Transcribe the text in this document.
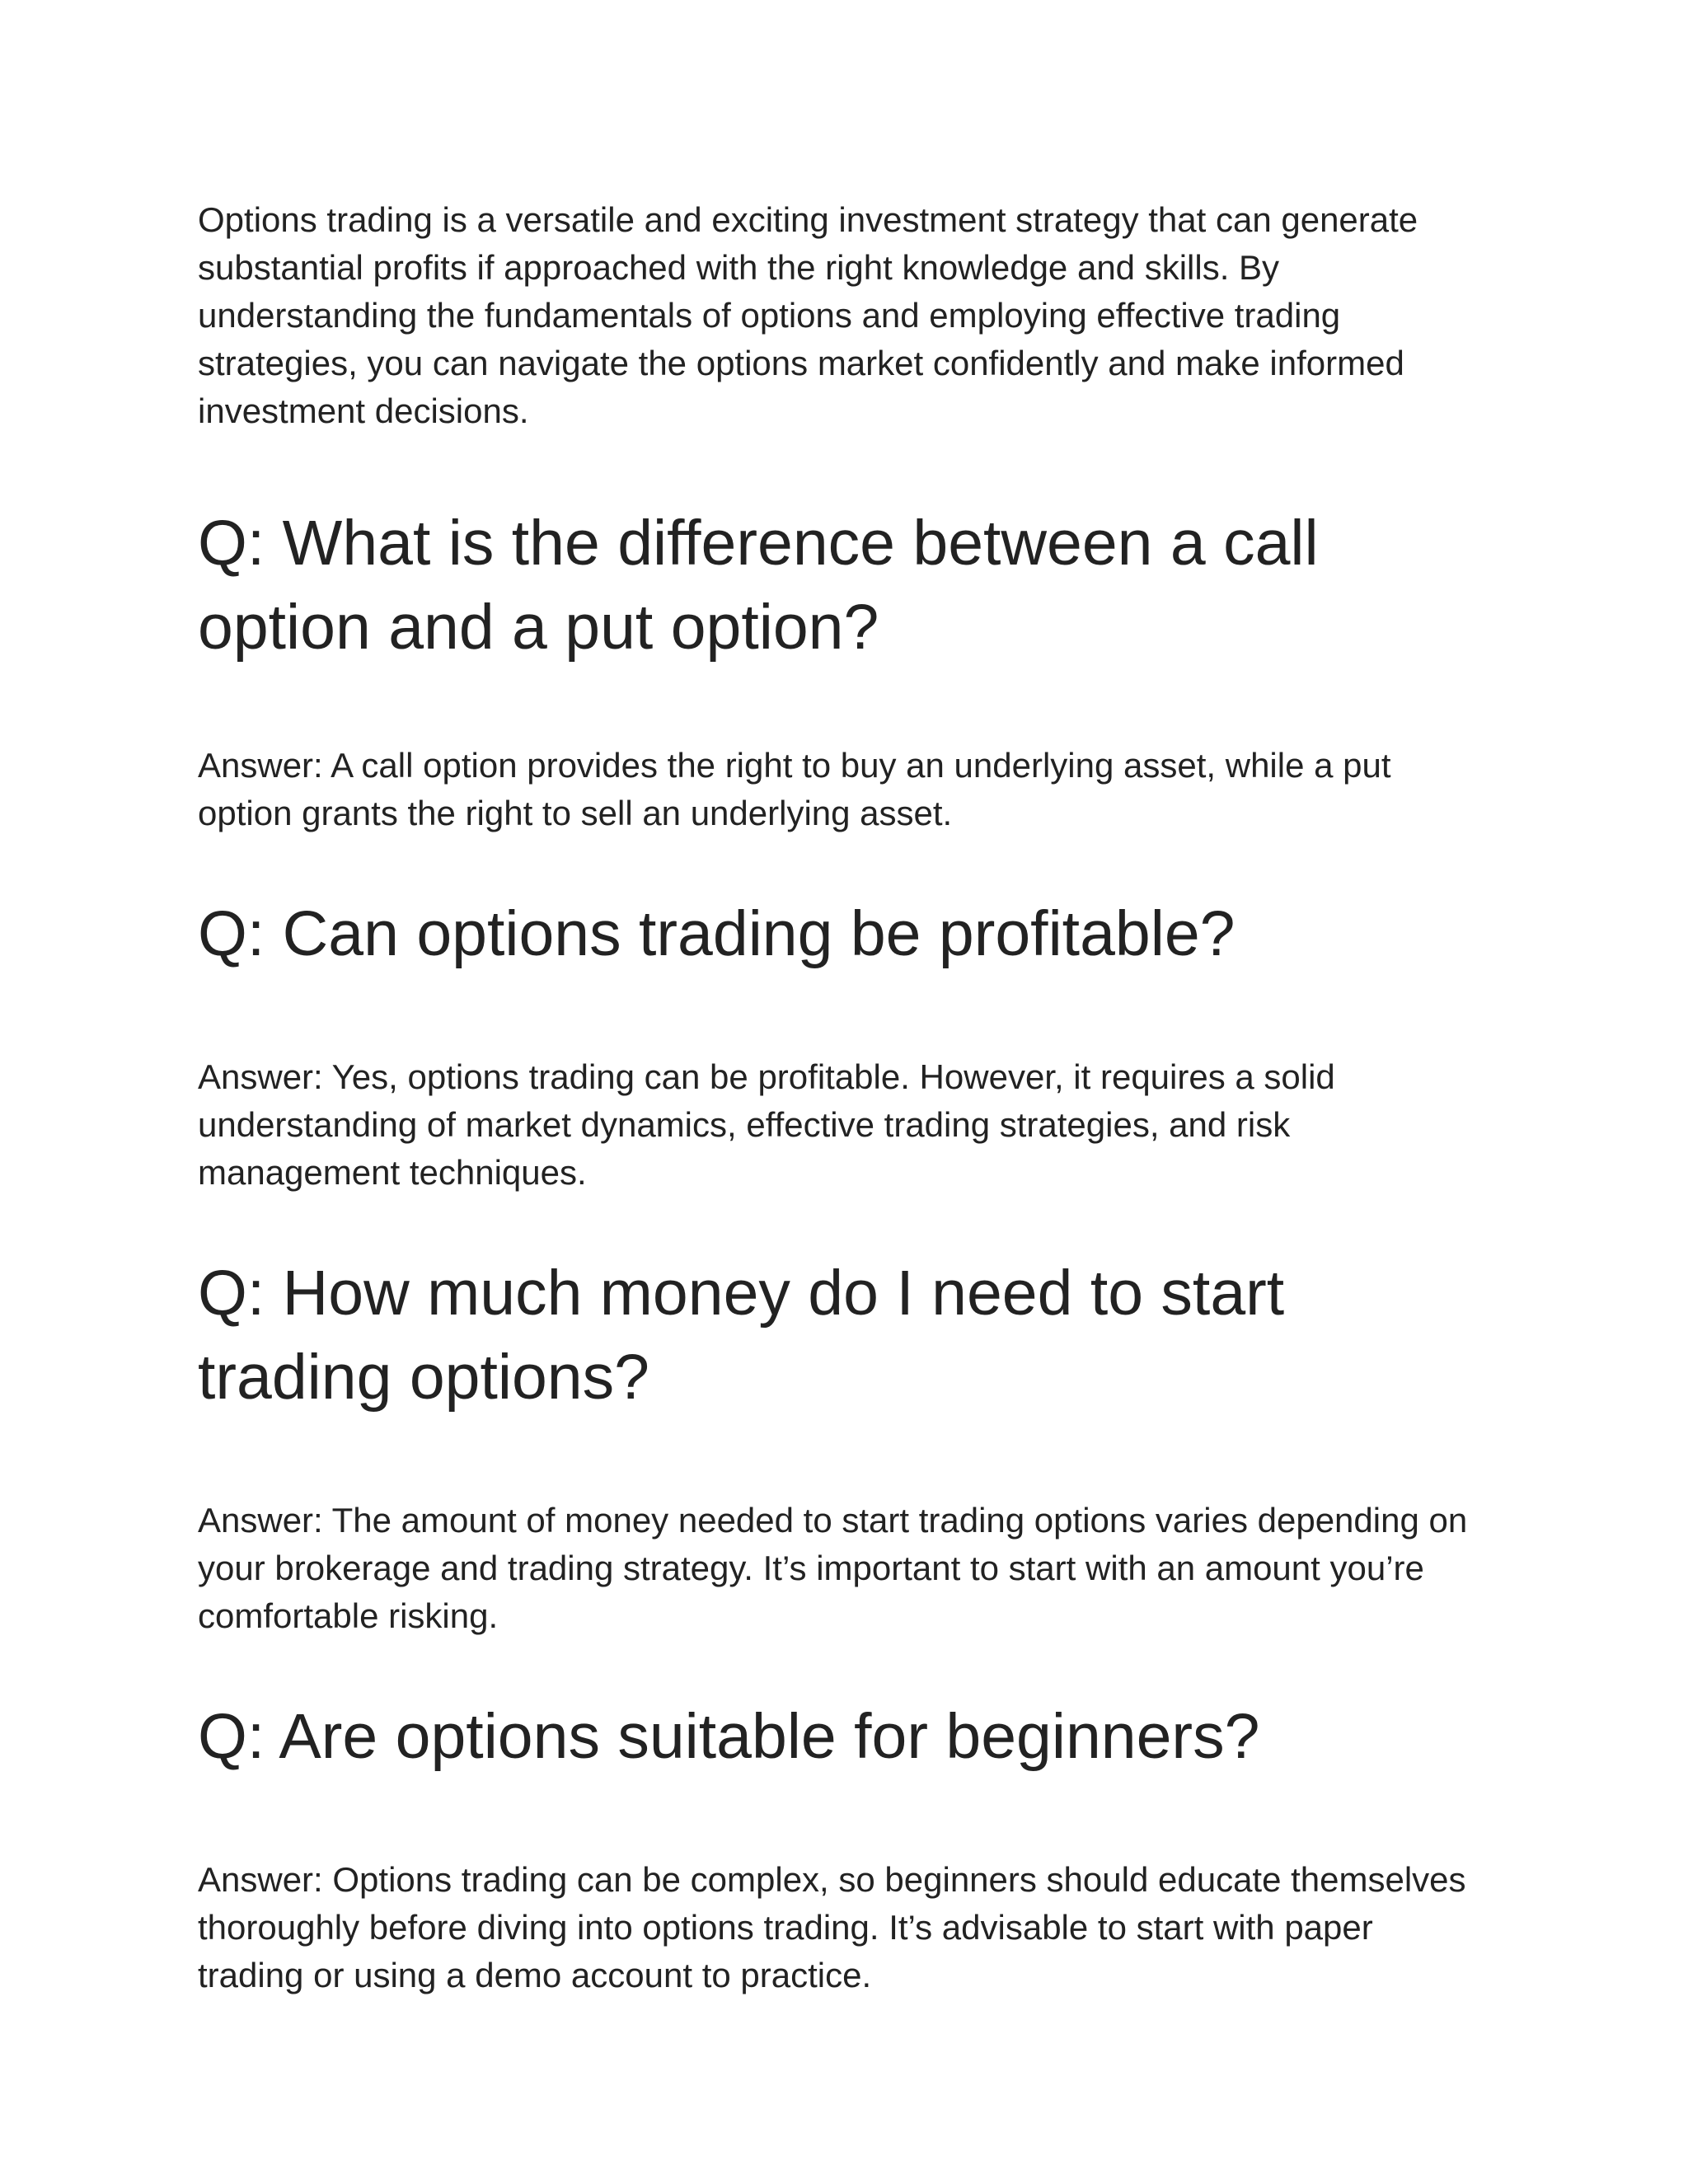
Options trading is a versatile and exciting investment strategy that can generate substantial profits if approached with the right knowledge and skills. By understanding the fundamentals of options and employing effective trading strategies, you can navigate the options market confidently and make informed investment decisions.

Q: What is the difference between a call option and a put option?

Answer: A call option provides the right to buy an underlying asset, while a put option grants the right to sell an underlying asset.

Q: Can options trading be profitable?

Answer: Yes, options trading can be profitable. However, it requires a solid understanding of market dynamics, effective trading strategies, and risk management techniques.

Q: How much money do I need to start trading options?

Answer: The amount of money needed to start trading options varies depending on your brokerage and trading strategy. It’s important to start with an amount you’re comfortable risking.

Q: Are options suitable for beginners?

Answer: Options trading can be complex, so beginners should educate themselves thoroughly before diving into options trading. It’s advisable to start with paper trading or using a demo account to practice.
